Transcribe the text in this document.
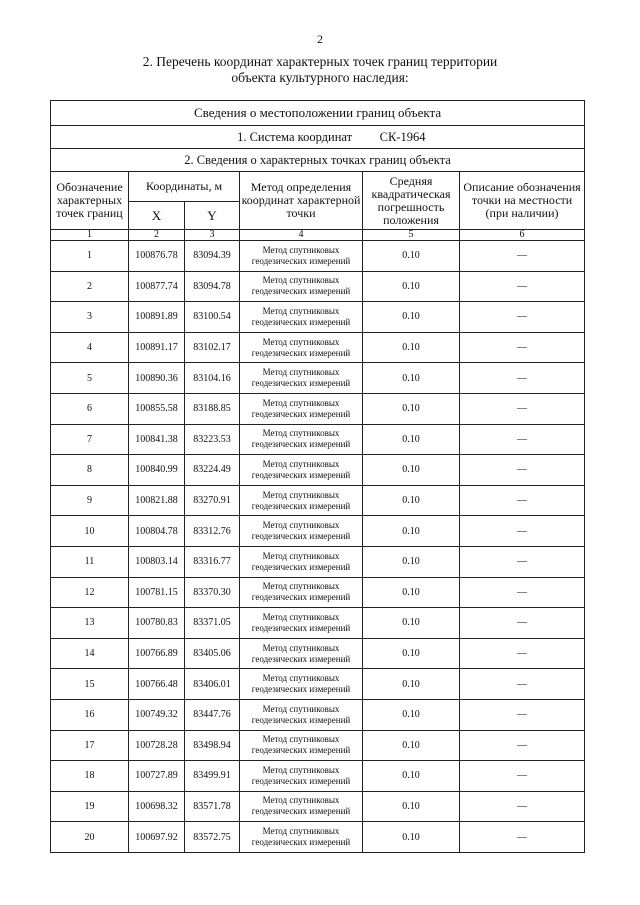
2
2. Перечень координат характерных точек границ территории
объекта культурного наследия:
Сведения о местоположении границ объекта					
1. Система координат СК-1964					
2. Сведения о характерных точках границ объекта					
Обозначение характерных точек границ	Координаты, м		Метод определения координат характерной точки	Средняя квадратическая погрешность положения	Описание обозначения точки на местности (при наличии)
	X	Y			
1	2	3	4	5	6
1	100876.78	83094.39	Метод спутниковых геодезических измерений	0.10	—
2	100877.74	83094.78	Метод спутниковых геодезических измерений	0.10	—
3	100891.89	83100.54	Метод спутниковых геодезических измерений	0.10	—
4	100891.17	83102.17	Метод спутниковых геодезических измерений	0.10	—
5	100890.36	83104.16	Метод спутниковых геодезических измерений	0.10	—
6	100855.58	83188.85	Метод спутниковых геодезических измерений	0.10	—
7	100841.38	83223.53	Метод спутниковых геодезических измерений	0.10	—
8	100840.99	83224.49	Метод спутниковых геодезических измерений	0.10	—
9	100821.88	83270.91	Метод спутниковых геодезических измерений	0.10	—
10	100804.78	83312.76	Метод спутниковых геодезических измерений	0.10	—
11	100803.14	83316.77	Метод спутниковых геодезических измерений	0.10	—
12	100781.15	83370.30	Метод спутниковых геодезических измерений	0.10	—
13	100780.83	83371.05	Метод спутниковых геодезических измерений	0.10	—
14	100766.89	83405.06	Метод спутниковых геодезических измерений	0.10	—
15	100766.48	83406.01	Метод спутниковых геодезических измерений	0.10	—
16	100749.32	83447.76	Метод спутниковых геодезических измерений	0.10	—
17	100728.28	83498.94	Метод спутниковых геодезических измерений	0.10	—
18	100727.89	83499.91	Метод спутниковых геодезических измерений	0.10	—
19	100698.32	83571.78	Метод спутниковых геодезических измерений	0.10	—
20	100697.92	83572.75	Метод спутниковых геодезических измерений	0.10	—
